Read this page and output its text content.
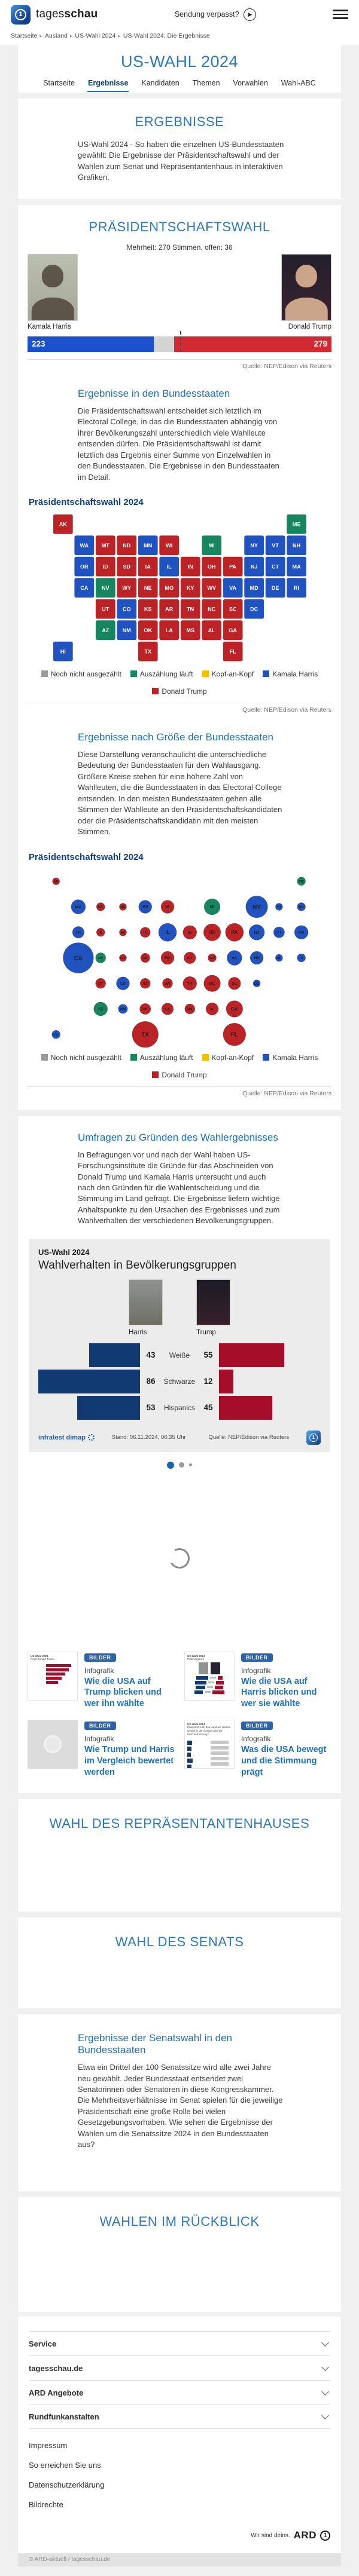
1	tagesschau	Sendung verpasst?	▶
Startseite ▸ Ausland ▸ US-Wahl 2024 ▸ US-Wahl 2024: Die Ergebnisse
US-WAHL 2024
Startseite Ergebnisse Kandidaten Themen Vorwahlen Wahl-ABC
ERGEBNISSE

US-Wahl 2024 - So haben die einzelnen US-Bundesstaaten gewählt: Die Ergebnisse der Präsidentschaftswahl und der Wahlen zum Senat und Repräsentantenhaus in interaktiven Grafiken.

PRÄSIDENTSCHAFTSWAHL
Mehrheit: 270 Stimmen, offen: 36
Kamala Harris	Donald Trump
223	279
Quelle: NEP/Edison via Reuters
Ergebnisse in den Bundesstaaten

Die Präsidentschaftswahl entscheidet sich letztlich im Electoral College, in das die Bundesstaaten abhängig von ihrer Bevölkerungszahl unterschiedlich viele Wahlleute entsenden dürfen. Die Präsidentschaftswahl ist damit letztlich das Ergebnis einer Summe von Einzelwahlen in den Bundesstaaten. Die Ergebnisse in den Bundesstaaten im Detail.

Präsidentschaftswahl 2024
AK	ME
WA MT ND MN WI	MI	NY VT NH
OR ID SD IA	IL	IN OH PA NJ CT MA
CA NV WY NE MO KY WV VA MD DE RI
UT CO KS AR TN NC SC DC
AZ NM OK LA MS AL GA
HI	TX	FL
Noch nicht ausgezählt	Auszählung läuft	Kopf-an-Kopf	Kamala Harris
Donald Trump
Quelle: NEP/Edison via Reuters
Ergebnisse nach Größe der Bundesstaaten

Diese Darstellung veranschaulicht die unterschiedliche Bedeutung der Bundesstaaten für den Wahlausgang. Größere Kreise stehen für eine höhere Zahl von Wahlleuten, die die Bundesstaaten in das Electoral College entsenden. In den meisten Bundesstaaten gehen alle Stimmen der Wahlleute an den Präsidentschaftskandidaten oder die Präsidentschaftskandidatin mit den meisten Stimmen.

Präsidentschaftswahl 2024
AK	ME
WA	MT	ND	MN	WI	MI	NY	VT	NH
OR	ID	SD	IA	IL	IN	OH	PA	NJ	CT	MA
CA	NV	WY	NE	MO	KY	WV	VA	MD	DE	RI
UT	CO	KS	AR	TN	NC	SC	DC
AZ	NM	OK	LA	MS	AL	GA
HI	TX	FL
Noch nicht ausgezählt	Auszählung läuft	Kopf-an-Kopf	Kamala Harris
Donald Trump
Quelle: NEP/Edison via Reuters
Umfragen zu Gründen des Wahlergebnisses

In Befragungen vor und nach der Wahl haben US-Forschungsinstitute die Gründe für das Abschneiden von Donald Trump und Kamala Harris untersucht und auch nach den Gründen für die Wahlentscheidung und die Stimmung im Land gefragt. Die Ergebnisse liefern wichtige Anhaltspunkte zu den Ursachen des Ergebnisses und zum Wahlverhalten der verschiedenen Bevölkerungsgruppen.

US-Wahl 2024
Wahlverhalten in Bevölkerungsgruppen
Harris	Trump
43	Weiße	55
86	Schwarze	12
53	Hispanics	45
infratest dimap	Stand: 06.11.2024, 06:35 Uhr	Quelle: NEP/Edison via Reuters	1
US-Wahl 2024
Profil Donald Trump	BILDER
Infografik
Wie die USA auf Trump blicken und wer ihn wählte
US-Wahl 2024
Profilvergleich	BILDER
Infografik
Wie die USA auf Harris blicken und wer sie wählte
BILDER
Infografik
Wie Trump und Harris im Vergleich bewertet werden
US-Wahl 2024
Entwickelt sich das Land auf diesem Gebiet in die richtige oder die falsche Richtung?
BILDER
Infografik
Was die USA bewegt und die Stimmung prägt
WAHL DES REPRÄSENTANTENHAUSES
WAHL DES SENATS
Ergebnisse der Senatswahl in den Bundesstaaten

Etwa ein Drittel der 100 Senatssitze wird alle zwei Jahre neu gewählt. Jeder Bundesstaat entsendet zwei Senatorinnen oder Senatoren in diese Kongresskammer. Die Mehrheitsverhältnisse im Senat spielen für die jeweilige Präsidentschaft eine große Rolle bei vielen Gesetzgebungsvorhaben. Wie sehen die Ergebnisse der Wahlen um die Senatssitze 2024 in den Bundesstaaten aus?

WAHLEN IM RÜCKBLICK
Service
tagesschau.de
ARD Angebote
Rundfunkanstalten
Impressum
So erreichen Sie uns
Datenschutzerklärung
Bildrechte
Wir sind deins. ARD	1
© ARD-aktuell / tagesschau.de
